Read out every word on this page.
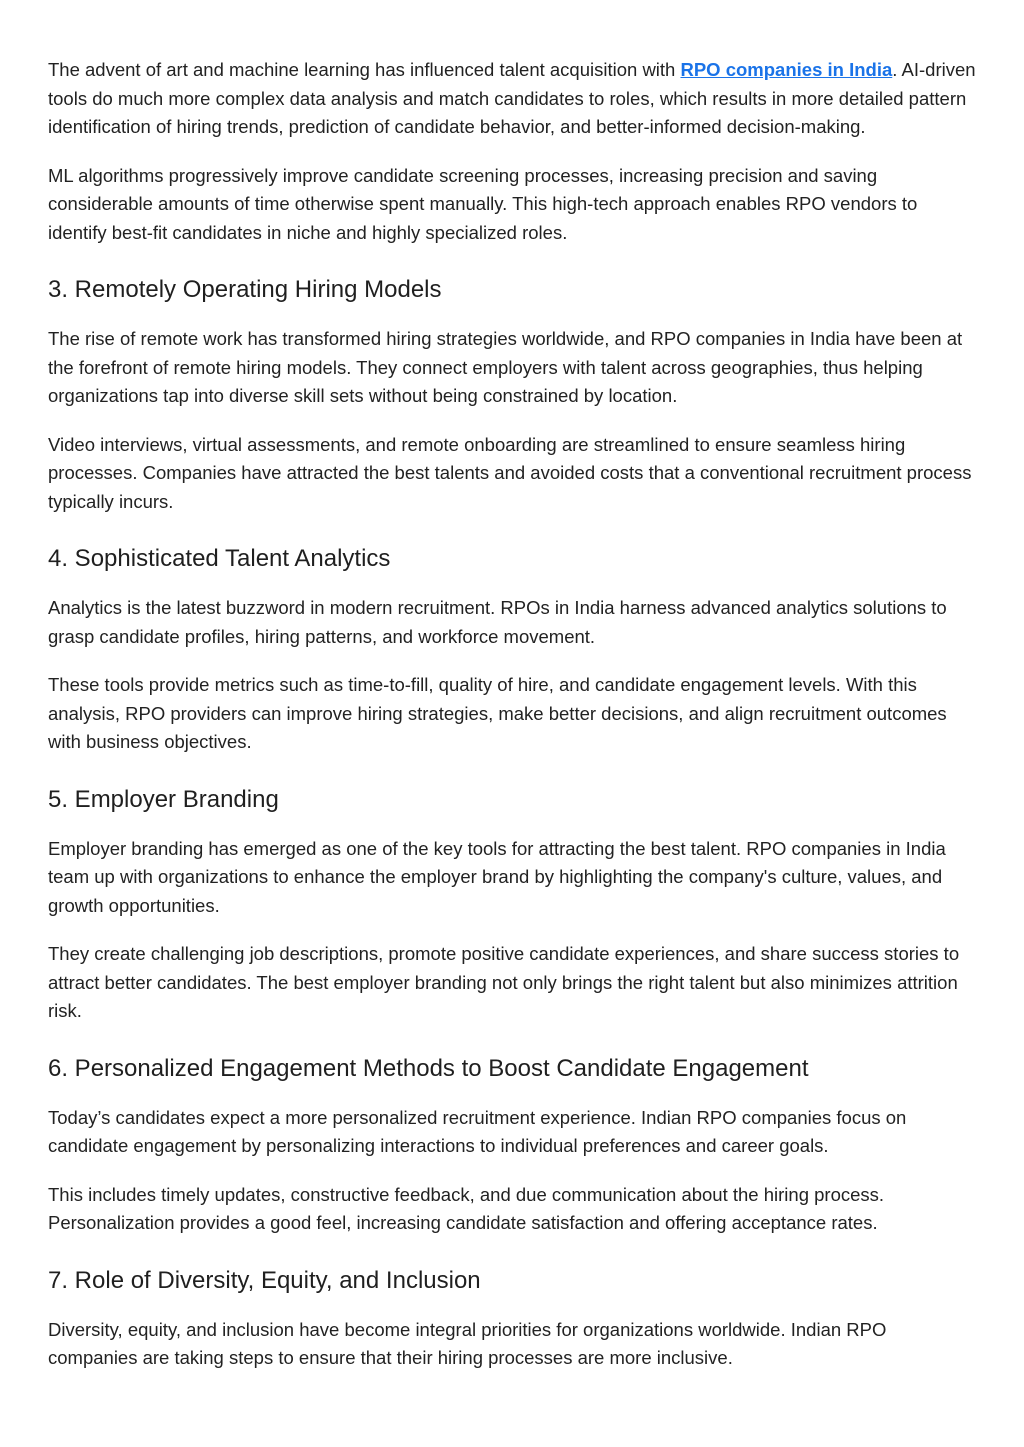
The advent of art and machine learning has influenced talent acquisition with RPO companies in India. AI-driven tools do much more complex data analysis and match candidates to roles, which results in more detailed pattern identification of hiring trends, prediction of candidate behavior, and better-informed decision-making.

ML algorithms progressively improve candidate screening processes, increasing precision and saving considerable amounts of time otherwise spent manually. This high-tech approach enables RPO vendors to identify best-fit candidates in niche and highly specialized roles.

3. Remotely Operating Hiring Models

The rise of remote work has transformed hiring strategies worldwide, and RPO companies in India have been at the forefront of remote hiring models. They connect employers with talent across geographies, thus helping organizations tap into diverse skill sets without being constrained by location.

Video interviews, virtual assessments, and remote onboarding are streamlined to ensure seamless hiring processes. Companies have attracted the best talents and avoided costs that a conventional recruitment process typically incurs.

4. Sophisticated Talent Analytics

Analytics is the latest buzzword in modern recruitment. RPOs in India harness advanced analytics solutions to grasp candidate profiles, hiring patterns, and workforce movement.

These tools provide metrics such as time-to-fill, quality of hire, and candidate engagement levels. With this analysis, RPO providers can improve hiring strategies, make better decisions, and align recruitment outcomes with business objectives.

5. Employer Branding

Employer branding has emerged as one of the key tools for attracting the best talent. RPO companies in India team up with organizations to enhance the employer brand by highlighting the company's culture, values, and growth opportunities.

They create challenging job descriptions, promote positive candidate experiences, and share success stories to attract better candidates. The best employer branding not only brings the right talent but also minimizes attrition risk.

6. Personalized Engagement Methods to Boost Candidate Engagement

Today’s candidates expect a more personalized recruitment experience. Indian RPO companies focus on candidate engagement by personalizing interactions to individual preferences and career goals.

This includes timely updates, constructive feedback, and due communication about the hiring process. Personalization provides a good feel, increasing candidate satisfaction and offering acceptance rates.

7. Role of Diversity, Equity, and Inclusion

Diversity, equity, and inclusion have become integral priorities for organizations worldwide. Indian RPO companies are taking steps to ensure that their hiring processes are more inclusive.
